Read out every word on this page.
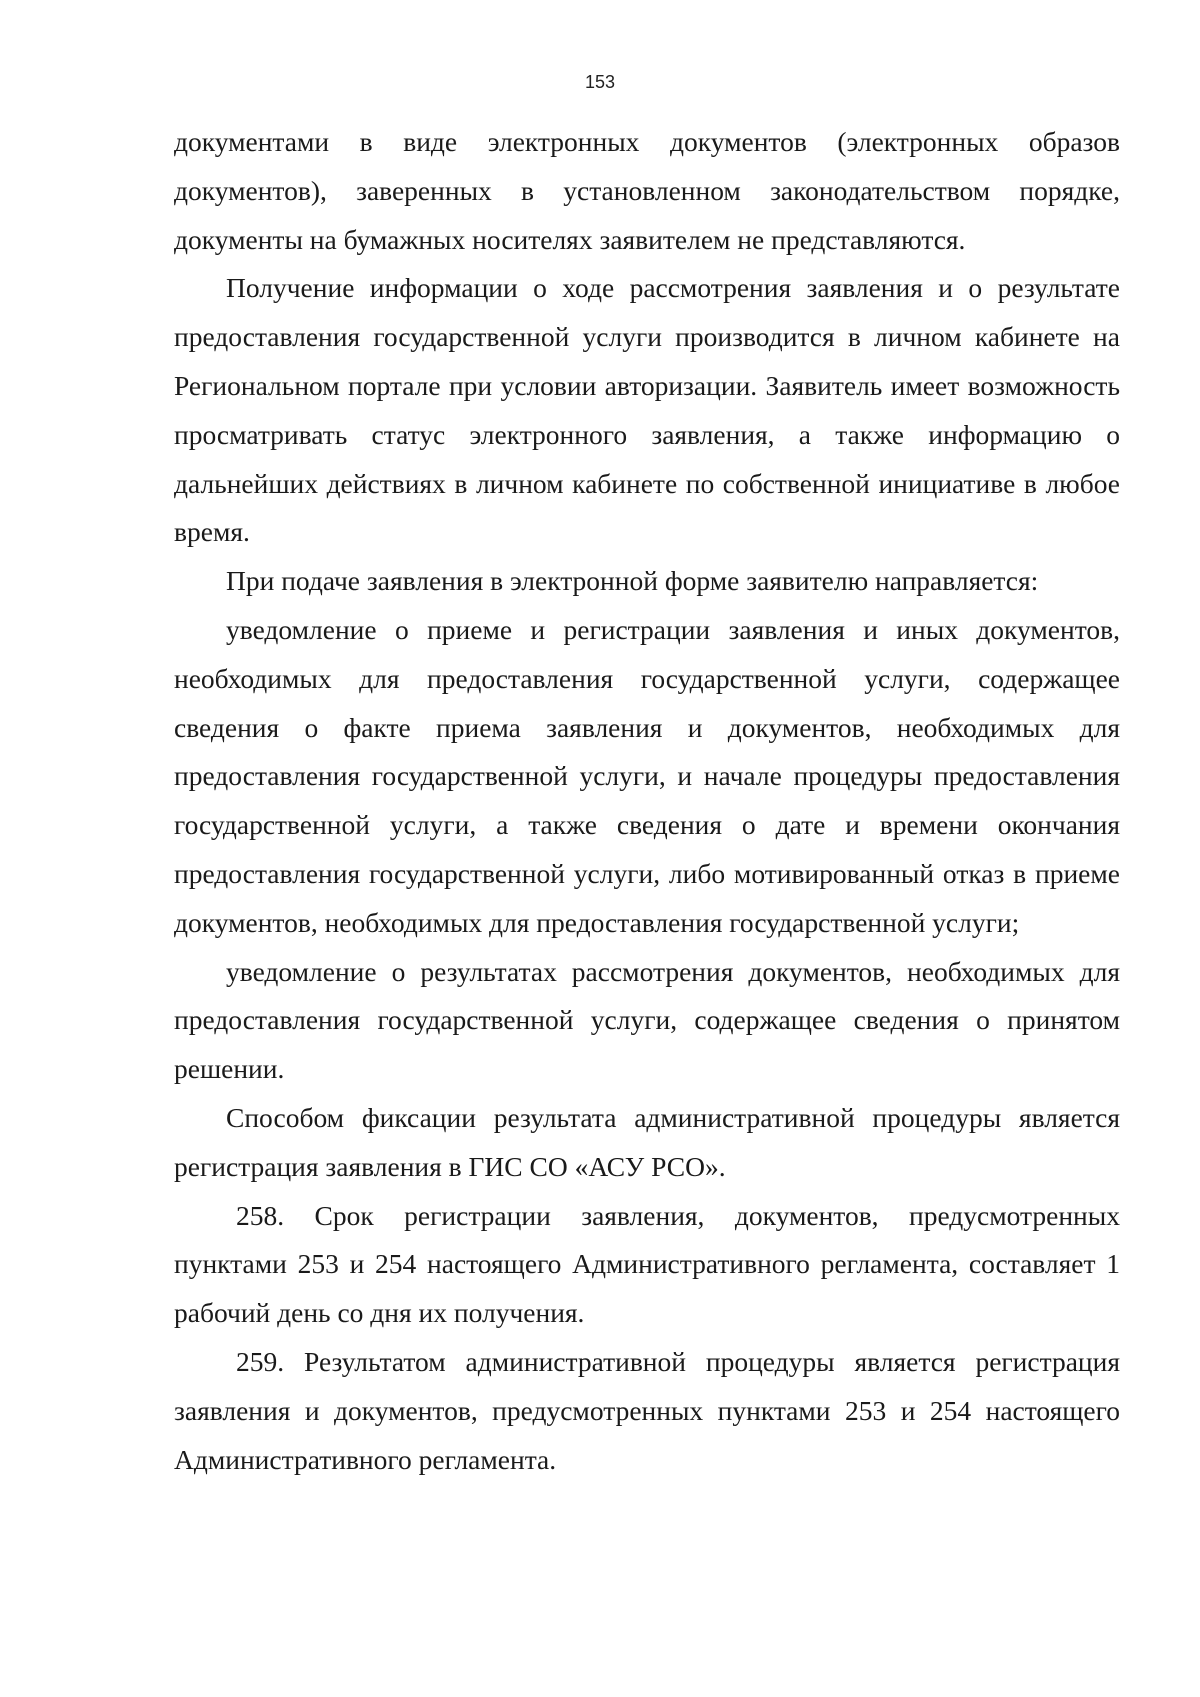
153

документами в виде электронных документов (электронных образов документов), заверенных в установленном законодательством порядке, документы на бумажных носителях заявителем не представляются.

Получение информации о ходе рассмотрения заявления и о результате предоставления государственной услуги производится в личном кабинете на Региональном портале при условии авторизации. Заявитель имеет возможность просматривать статус электронного заявления, а также информацию о дальнейших действиях в личном кабинете по собственной инициативе в любое время.

При подаче заявления в электронной форме заявителю направляется:

уведомление о приеме и регистрации заявления и иных документов, необходимых для предоставления государственной услуги, содержащее сведения о факте приема заявления и документов, необходимых для предоставления государственной услуги, и начале процедуры предоставления государственной услуги, а также сведения о дате и времени окончания предоставления государственной услуги, либо мотивированный отказ в приеме документов, необходимых для предоставления государственной услуги;

уведомление о результатах рассмотрения документов, необходимых для предоставления государственной услуги, содержащее сведения о принятом решении.

Способом фиксации результата административной процедуры является регистрация заявления в ГИС СО «АСУ РСО».

258. Срок регистрации заявления, документов, предусмотренных пунктами 253 и 254 настоящего Административного регламента, составляет 1 рабочий день со дня их получения.

259. Результатом административной процедуры является регистрация заявления и документов, предусмотренных пунктами 253 и 254 настоящего Административного регламента.
